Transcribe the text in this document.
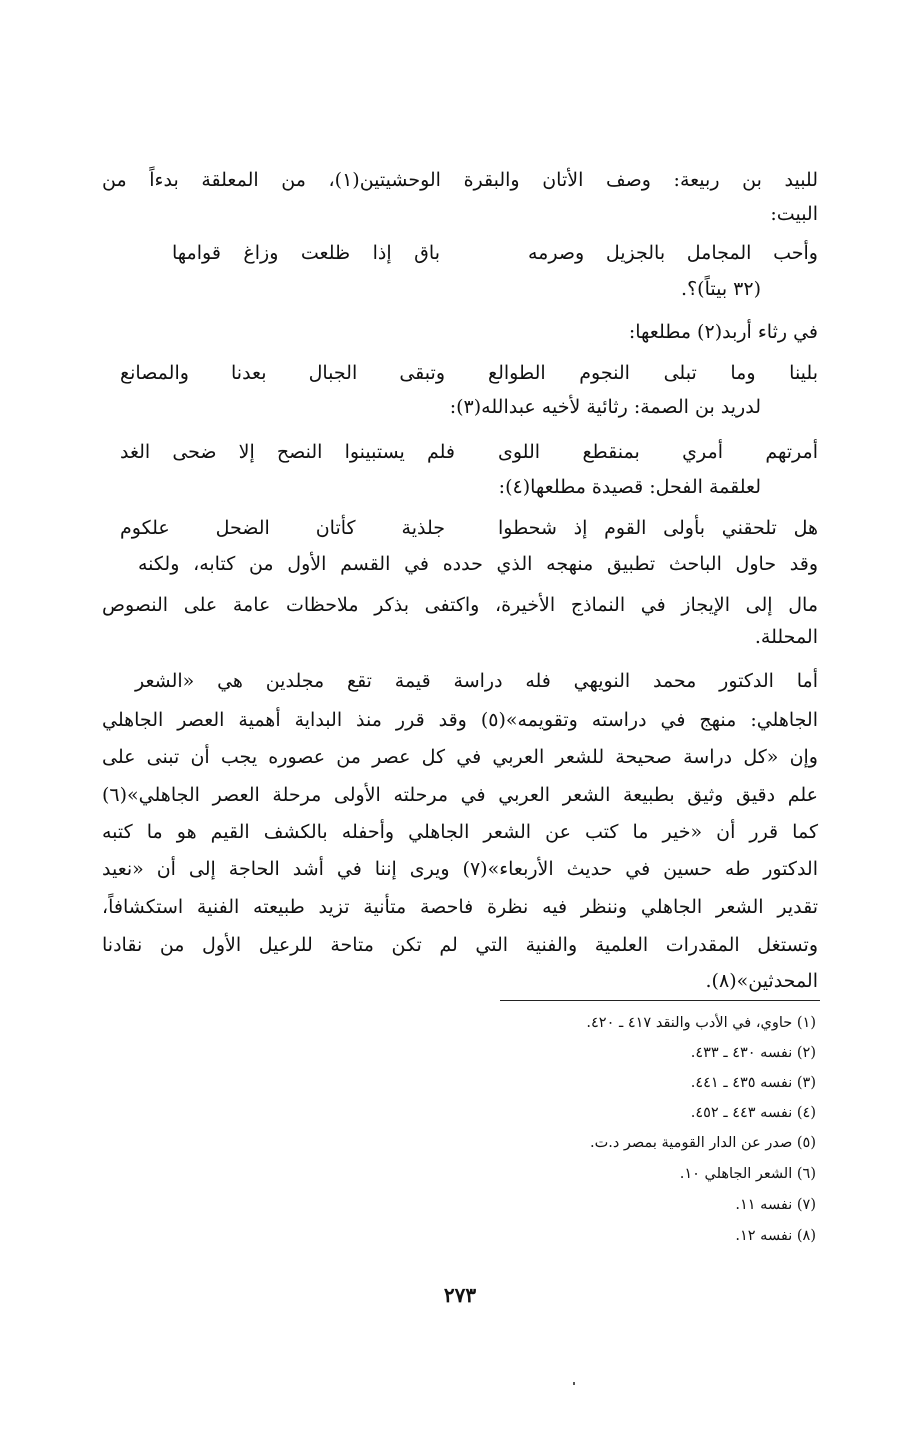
للبيد بن ربيعة: وصف الأتان والبقرة الوحشيتين(١)، من المعلقة بدءاً من
البيت:
وأحب المجامل بالجزيل وصرمه
باق إذا ظلعت وزاغ قوامها
(٣٢ بيتاً)؟.
في رثاء أربد(٢) مطلعها:
بلينا وما تبلى النجوم الطوالع
وتبقى الجبال بعدنا والمصانع
لدريد بن الصمة: رثائية لأخيه عبدالله(٣):
أمرتهم أمري بمنقطع اللوى
فلم يستبينوا النصح إلا ضحى الغد
لعلقمة الفحل: قصيدة مطلعها(٤):
هل تلحقني بأولى القوم إذ شحطوا
جلذية كأتان الضحل علكوم
وقد حاول الباحث تطبيق منهجه الذي حدده في القسم الأول من كتابه، ولكنه
مال إلى الإيجاز في النماذج الأخيرة، واكتفى بذكر ملاحظات عامة على النصوص
المحللة.
أما الدكتور محمد النويهي فله دراسة قيمة تقع مجلدين هي «الشعر
الجاهلي: منهج في دراسته وتقويمه»(٥) وقد قرر منذ البداية أهمية العصر الجاهلي
وإن «كل دراسة صحيحة للشعر العربي في كل عصر من عصوره يجب أن تبنى على
علم دقيق وثيق بطبيعة الشعر العربي في مرحلته الأولى مرحلة العصر الجاهلي»(٦)
كما قرر أن «خير ما كتب عن الشعر الجاهلي وأحفله بالكشف القيم هو ما كتبه
الدكتور طه حسين في حديث الأربعاء»(٧) ويرى إننا في أشد الحاجة إلى أن «نعيد
تقدير الشعر الجاهلي وننظر فيه نظرة فاحصة متأنية تزيد طبيعته الفنية استكشافاً،
وتستغل المقدرات العلمية والفنية التي لم تكن متاحة للرعيل الأول من نقادنا
المحدثين»(٨).
(١) حاوي، في الأدب والنقد ٤١٧ ـ ٤٢٠.
(٢) نفسه ٤٣٠ ـ ٤٣٣.
(٣) نفسه ٤٣٥ ـ ٤٤١.
(٤) نفسه ٤٤٣ ـ ٤٥٢.
(٥) صدر عن الدار القومية بمصر د.ت.
(٦) الشعر الجاهلي ١٠.
(٧) نفسه ١١.
(٨) نفسه ١٢.
٢٧٣
